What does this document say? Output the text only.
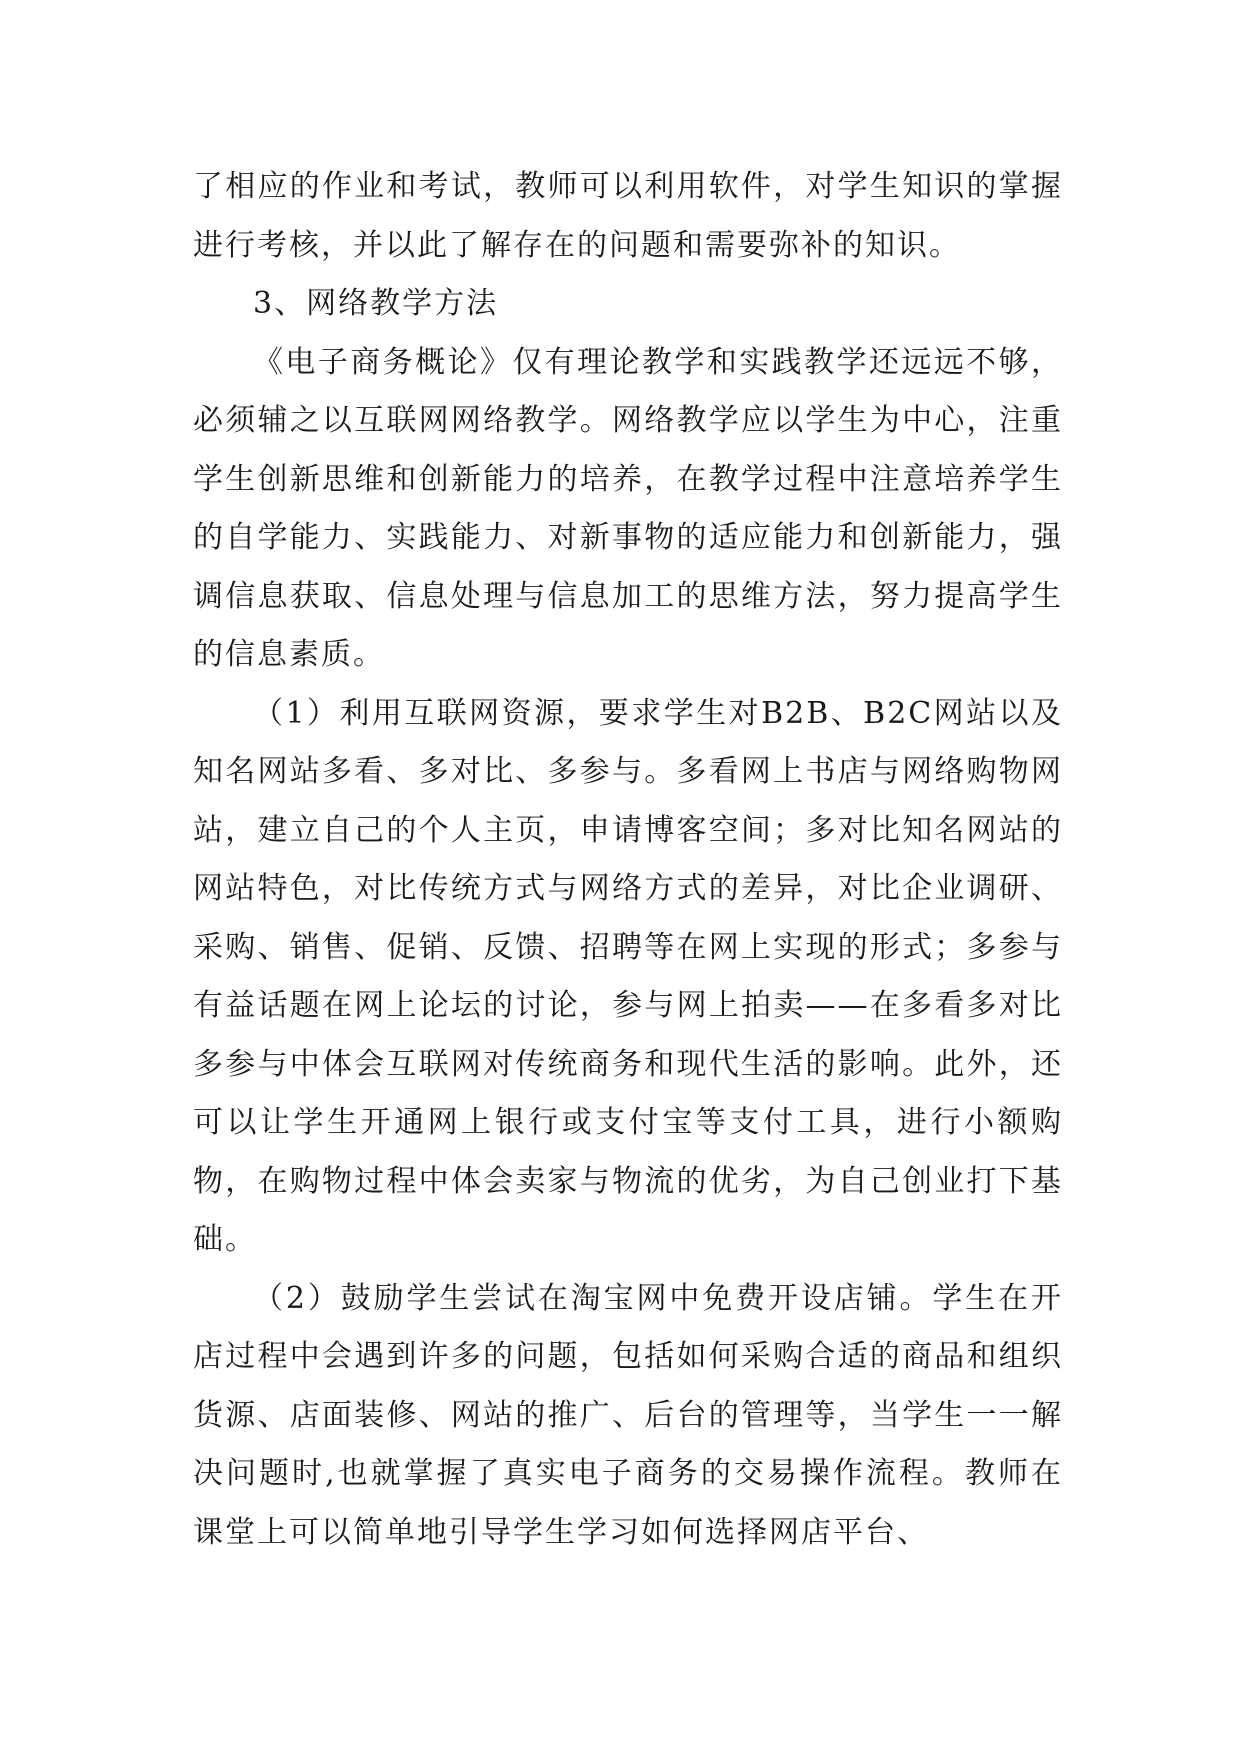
了相应的作业和考试，教师可以利用软件，对学生知识的掌握进行考核，并以此了解存在的问题和需要弥补的知识。

3、网络教学方法

《电子商务概论》仅有理论教学和实践教学还远远不够，必须辅之以互联网网络教学。网络教学应以学生为中心，注重学生创新思维和创新能力的培养，在教学过程中注意培养学生的自学能力、实践能力、对新事物的适应能力和创新能力，强调信息获取、信息处理与信息加工的思维方法，努力提高学生的信息素质。

（1）利用互联网资源，要求学生对B2B、B2C网站以及知名网站多看、多对比、多参与。多看网上书店与网络购物网站，建立自己的个人主页，申请博客空间；多对比知名网站的网站特色，对比传统方式与网络方式的差异，对比企业调研、采购、销售、促销、反馈、招聘等在网上实现的形式；多参与有益话题在网上论坛的讨论，参与网上拍卖——在多看多对比多参与中体会互联网对传统商务和现代生活的影响。此外，还可以让学生开通网上银行或支付宝等支付工具，进行小额购物，在购物过程中体会卖家与物流的优劣，为自己创业打下基础。

（2）鼓励学生尝试在淘宝网中免费开设店铺。学生在开店过程中会遇到许多的问题，包括如何采购合适的商品和组织货源、店面装修、网站的推广、后台的管理等，当学生一一解决问题时,也就掌握了真实电子商务的交易操作流程。教师在课堂上可以简单地引导学生学习如何选择网店平台、
